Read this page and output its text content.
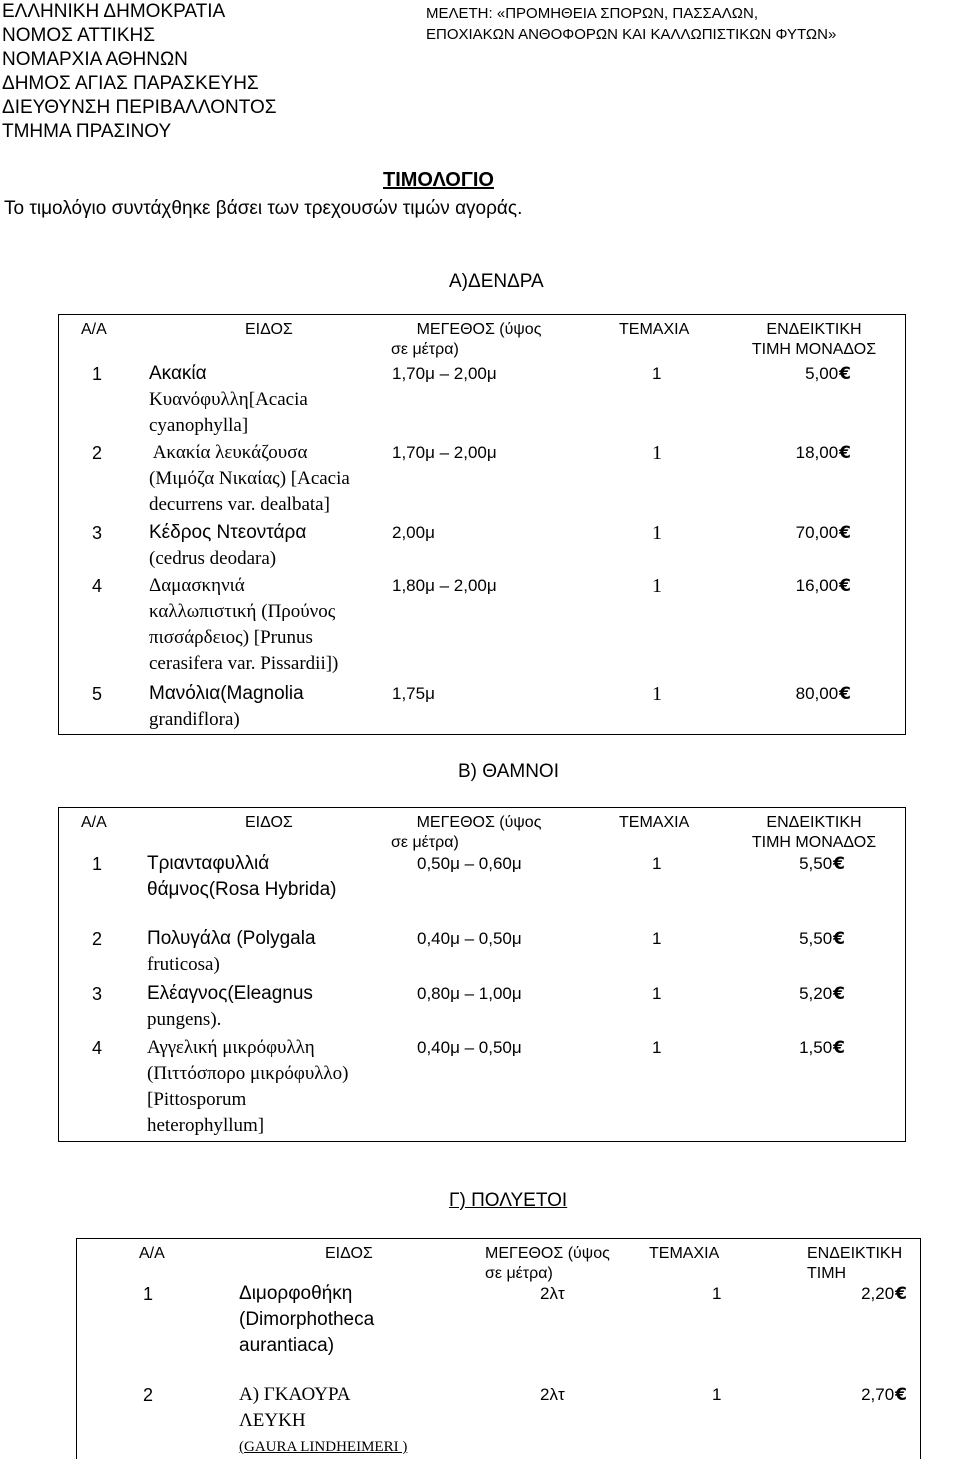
ΕΛΛΗΝΙΚΗ ΔΗΜΟΚΡΑΤΙΑ
ΝΟΜΟΣ ΑΤΤΙΚΗΣ
ΝΟΜΑΡΧΙΑ ΑΘΗΝΩΝ
ΔΗΜΟΣ ΑΓΙΑΣ ΠΑΡΑΣΚΕΥΗΣ
ΔΙΕΥΘΥΝΣΗ ΠΕΡΙΒΑΛΛΟΝΤΟΣ
ΤΜΗΜΑ ΠΡΑΣΙΝΟΥ
ΜΕΛΕΤΗ: «ΠΡΟΜΗΘΕΙΑ ΣΠΟΡΩΝ, ΠΑΣΣΑΛΩΝ,
ΕΠΟΧΙΑΚΩΝ ΑΝΘΟΦΟΡΩΝ ΚΑΙ ΚΑΛΛΩΠΙΣΤΙΚΩΝ ΦΥΤΩΝ»
ΤΙΜΟΛΟΓΙΟ
Το τιμολόγιο συντάχθηκε βάσει των τρεχουσών τιμών αγοράς.
Α)ΔΕΝΔΡΑ
Α/Α	ΕΙΔΟΣ	ΜΕΓΕΘΟΣ (ύψος
σε μέτρα)
ΤΕΜΑΧΙΑ	ΕΝΔΕΙΚΤΙΚΗ
ΤΙΜΗ ΜΟΝΑΔΟΣ
1 Ακακία
Κυανόφυλλη[Acacia
cyanophylla]
1,70μ – 2,00μ	1	5,00€
2 Ακακία λευκάζουσα
(Μιμόζα Νικαίας) [Acacia
decurrens var. dealbata]
1,70μ – 2,00μ	1	18,00€
3 Κέδρος Ντεοντάρα
(cedrus deodara)
2,00μ	1	70,00€
4 Δαμασκηνιά
καλλωπιστική (Προύνος
πισσάρδειος) [Prunus
cerasifera var. Pissardii])
1,80μ – 2,00μ	1	16,00€
5 Μανόλια(Magnolia
grandiflora)
1,75μ	1	80,00€
Β) ΘΑΜΝΟΙ
Α/Α	ΕΙΔΟΣ	ΜΕΓΕΘΟΣ (ύψος
σε μέτρα)
ΤΕΜΑΧΙΑ	ΕΝΔΕΙΚΤΙΚΗ
ΤΙΜΗ ΜΟΝΑΔΟΣ
1 Τριανταφυλλιά
θάμνος(Rosa Hybrida)
0,50μ – 0,60μ	1	5,50€
2 Πολυγάλα (Polygala
fruticosa)
0,40μ – 0,50μ	1	5,50€
3 Ελέαγνος(Eleagnus
pungens).
0,80μ – 1,00μ	1	5,20€
4 Αγγελική μικρόφυλλη
(Πιττόσπορο μικρόφυλλο)
[Pittosporum
heterophyllum]
0,40μ – 0,50μ	1	1,50€
Γ) ΠΟΛΥΕΤΟΙ
Α/Α	ΕΙΔΟΣ	ΜΕΓΕΘΟΣ (ύψος
σε μέτρα)
ΤΕΜΑΧΙΑ	ΕΝΔΕΙΚΤΙΚΗ
ΤΙΜΗ
1	Διμορφοθήκη
(Dimorphotheca
aurantiaca)
2λτ	1	2,20€
2	Α) ΓΚΑΟΥΡΑ
ΛΕΥΚΗ
(GAURA LINDHEIMERI )
2λτ	1	2,70€
